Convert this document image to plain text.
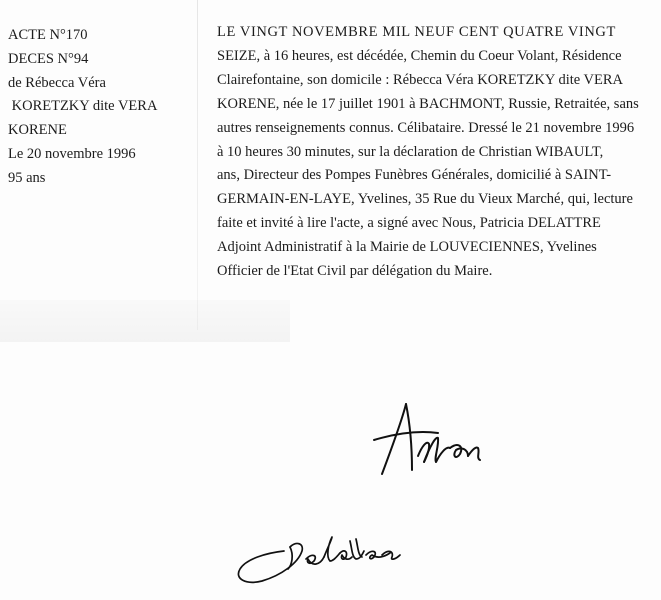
ACTE N°170
DECES N°94
de Rébecca Véra
KORETZKY dite VERA
KORENE
Le 20 novembre 1996
95 ans
LE VINGT NOVEMBRE MIL NEUF CENT QUATRE VINGT
SEIZE, à 16 heures, est décédée, Chemin du Coeur Volant, Résidence
Clairefontaine, son domicile : Rébecca Véra KORETZKY dite VERA
KORENE, née le 17 juillet 1901 à BACHMONT, Russie, Retraitée, sans
autres renseignements connus. Célibataire. Dressé le 21 novembre 1996
à 10 heures 30 minutes, sur la déclaration de Christian WIBAULT,
ans, Directeur des Pompes Funèbres Générales, domicilié à SAINT-
GERMAIN-EN-LAYE, Yvelines, 35 Rue du Vieux Marché, qui, lecture
faite et invité à lire l'acte, a signé avec Nous, Patricia DELATTRE
Adjoint Administratif à la Mairie de LOUVECIENNES, Yvelines
Officier de l'Etat Civil par délégation du Maire.
